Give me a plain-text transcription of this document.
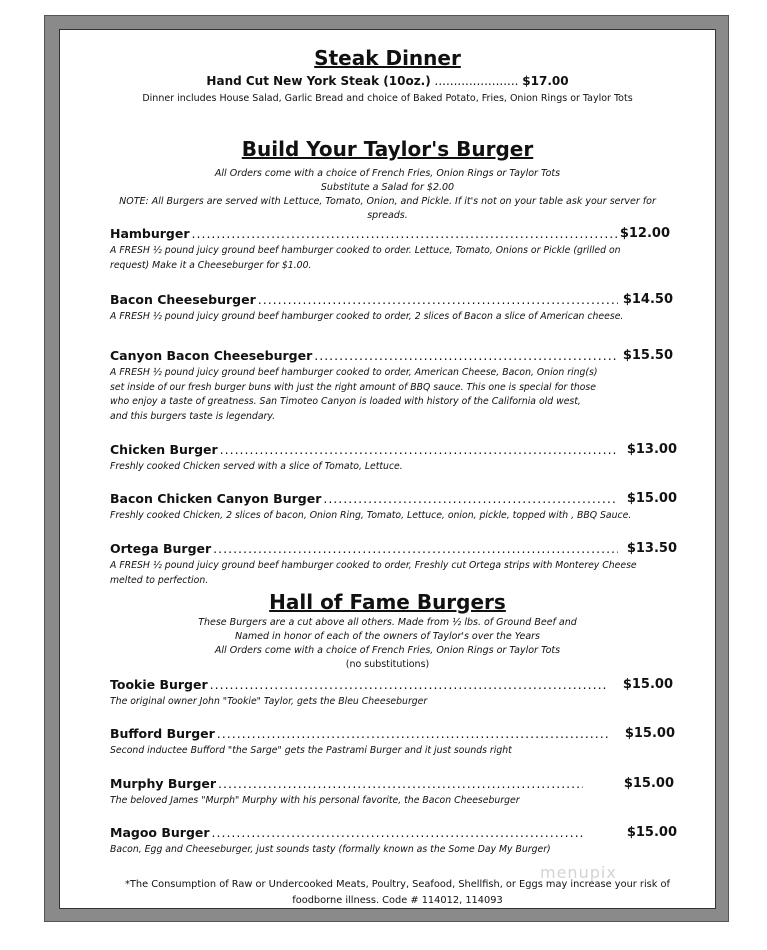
Steak Dinner
Hand Cut New York Steak (10oz.) ...................... $17.00
Dinner includes House Salad, Garlic Bread and choice of Baked Potato, Fries, Onion Rings or Taylor Tots
Build Your Taylor's Burger
All Orders come with a choice of French Fries, Onion Rings or Taylor Tots
Substitute a Salad for $2.00
NOTE: All Burgers are served with Lettuce, Tomato, Onion, and Pickle. If it's not on your table ask your server for
spreads.
Hamburger .....	$12.00
A FRESH ½ pound juicy ground beef hamburger cooked to order. Lettuce, Tomato, Onions or Pickle (grilled on
request) Make it a Cheeseburger for $1.00.
Bacon Cheeseburger .....	$14.50
A FRESH ½ pound juicy ground beef hamburger cooked to order, 2 slices of Bacon a slice of American cheese.
Canyon Bacon Cheeseburger .....	$15.50
A FRESH ½ pound juicy ground beef hamburger cooked to order, American Cheese, Bacon, Onion ring(s)
set inside of our fresh burger buns with just the right amount of BBQ sauce. This one is special for those
who enjoy a taste of greatness. San Timoteo Canyon is loaded with history of the California old west,
and this burgers taste is legendary.
Chicken Burger .....	$13.00
Freshly cooked Chicken served with a slice of Tomato, Lettuce.
Bacon Chicken Canyon Burger .....	$15.00
Freshly cooked Chicken, 2 slices of bacon, Onion Ring, Tomato, Lettuce, onion, pickle, topped with , BBQ Sauce.
Ortega Burger .....	$13.50
A FRESH ½ pound juicy ground beef hamburger cooked to order, Freshly cut Ortega strips with Monterey Cheese
melted to perfection.
Hall of Fame Burgers
These Burgers are a cut above all others. Made from ½ lbs. of Ground Beef and
Named in honor of each of the owners of Taylor's over the Years
All Orders come with a choice of French Fries, Onion Rings or Taylor Tots
(no substitutions)
Tookie Burger .....	$15.00
The original owner John "Tookie" Taylor, gets the Bleu Cheeseburger
Bufford Burger .....	$15.00
Second inductee Bufford "the Sarge" gets the Pastrami Burger and it just sounds right
Murphy Burger .....	$15.00
The beloved James "Murph" Murphy with his personal favorite, the Bacon Cheeseburger
Magoo Burger .....	$15.00
Bacon, Egg and Cheeseburger, just sounds tasty (formally known as the Some Day My Burger)
menupix
*The Consumption of Raw or Undercooked Meats, Poultry, Seafood, Shellfish, or Eggs may increase your risk of
foodborne illness. Code # 114012, 114093
